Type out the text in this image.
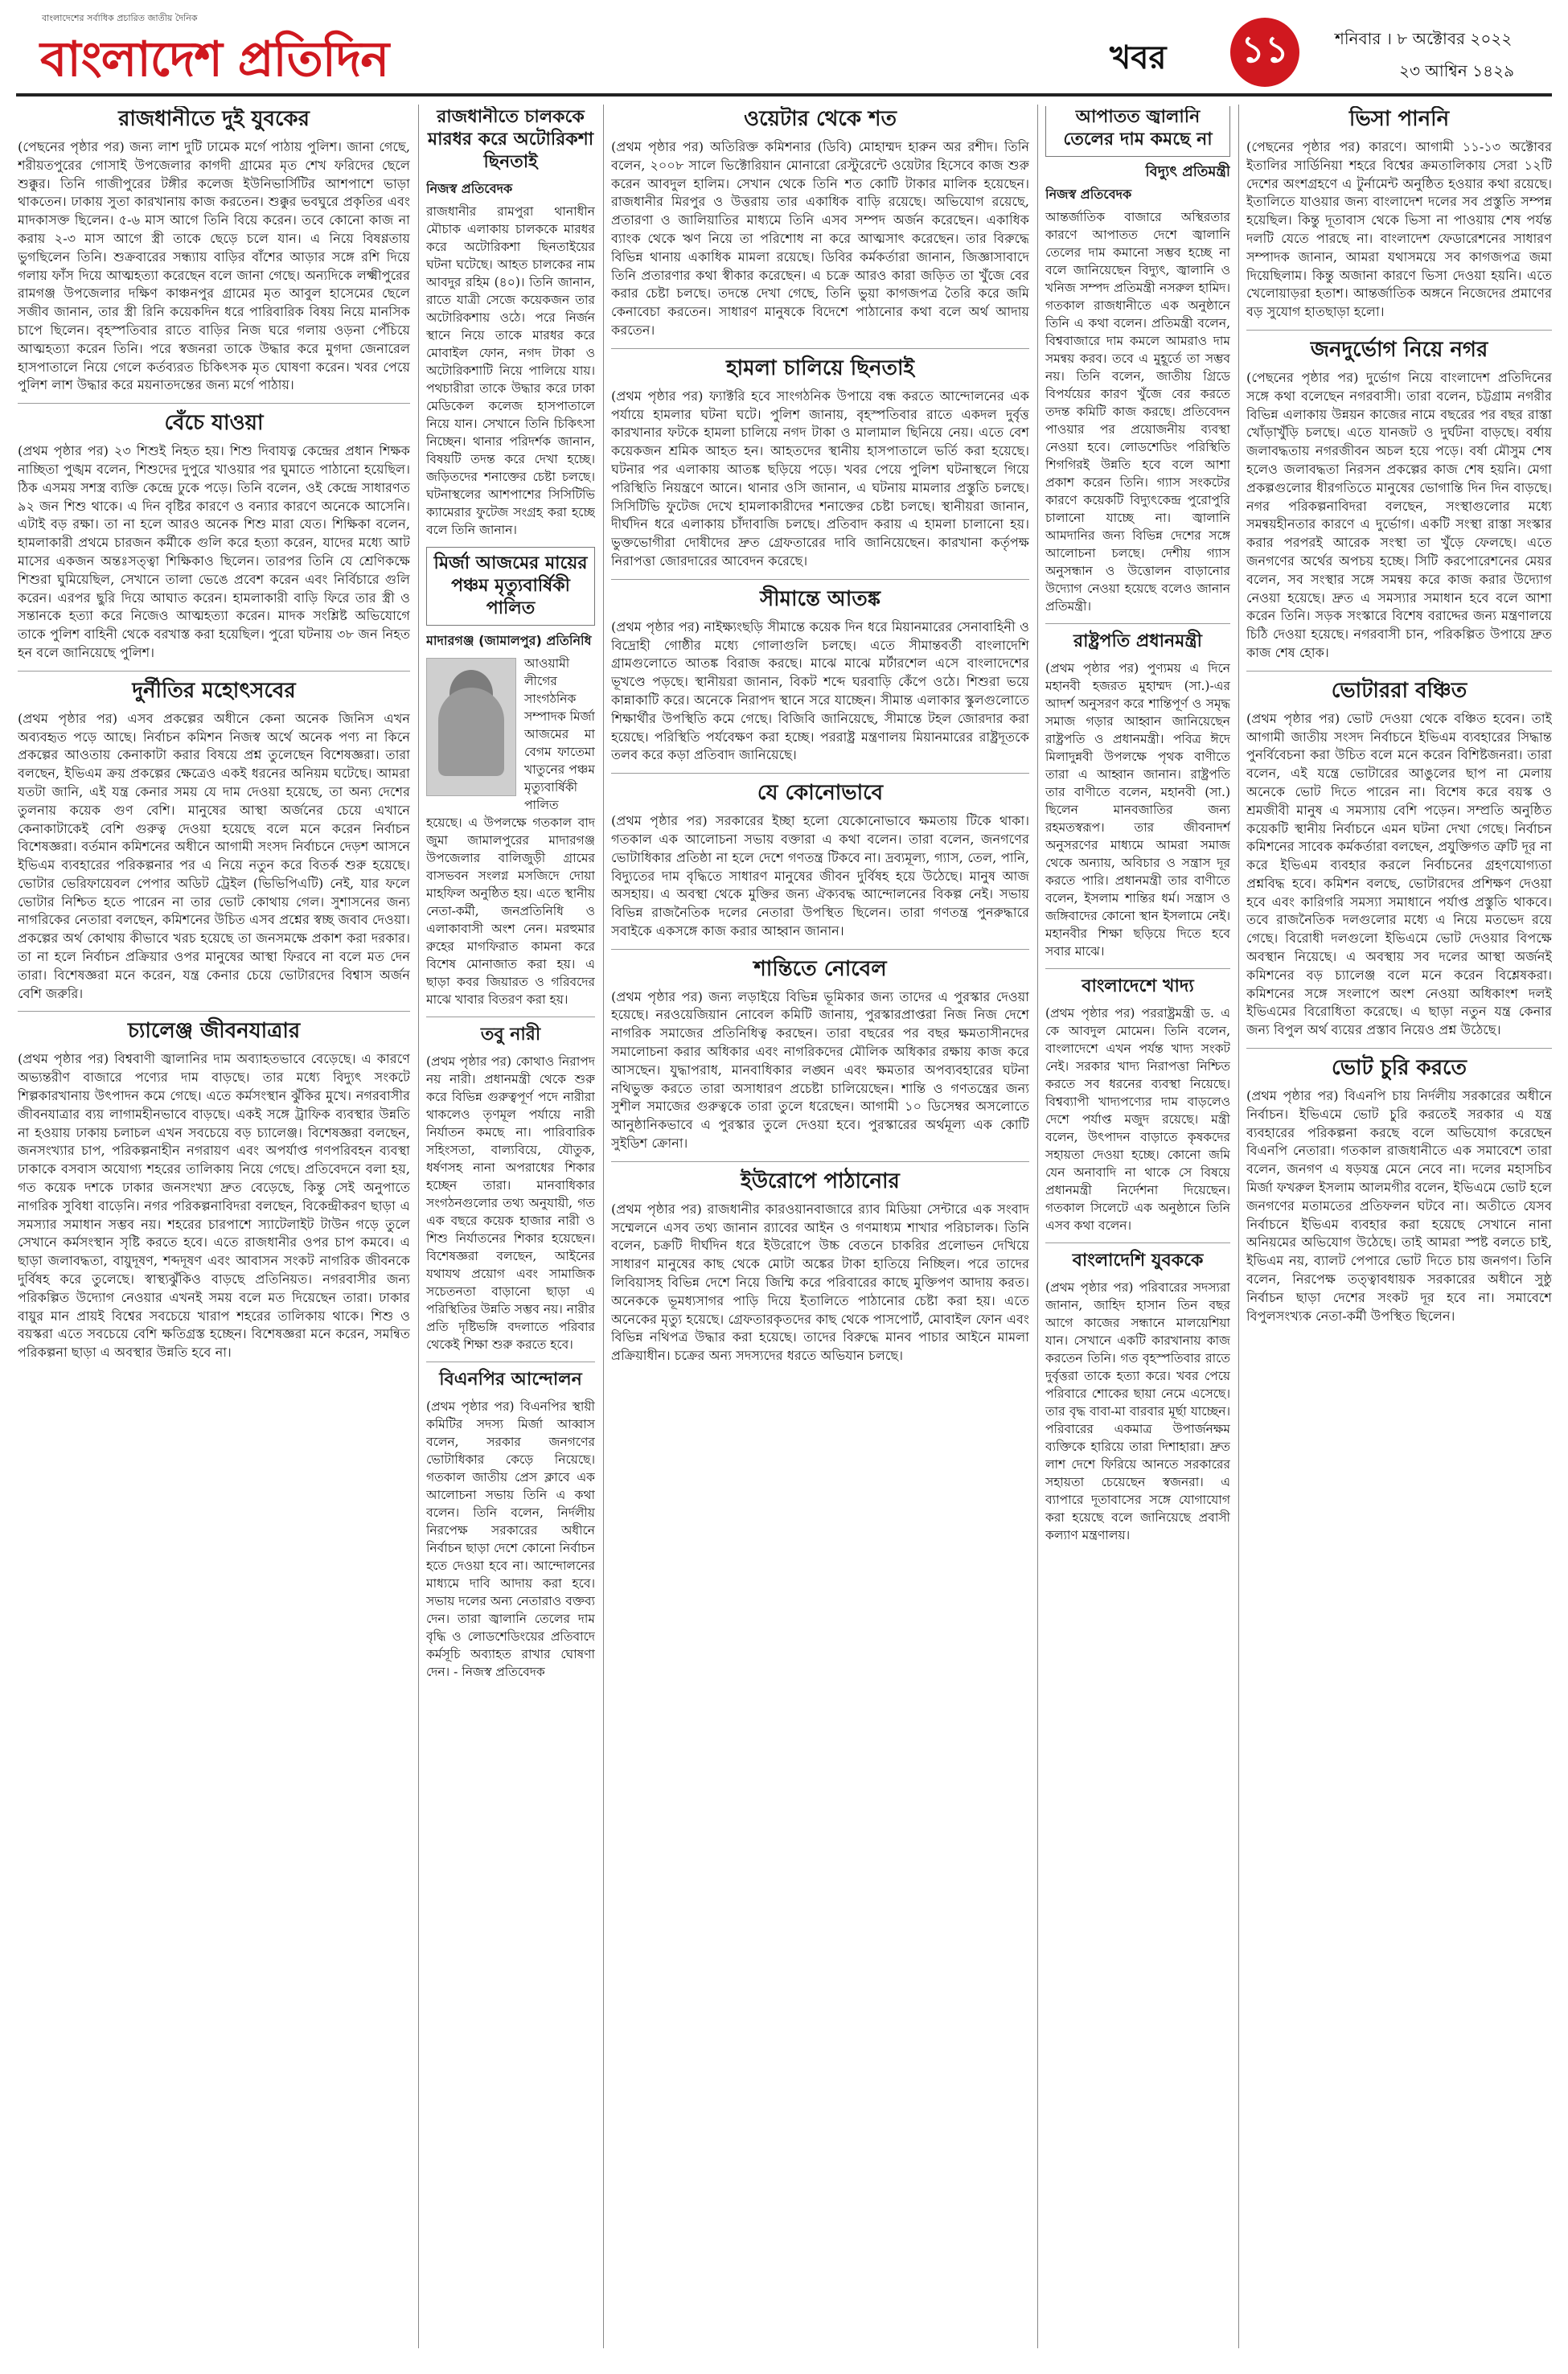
বাংলাদেশের সর্বাধিক প্রচারিত জাতীয় দৈনিক
বাংলাদেশ প্রতিদিন	খবর ১১	শনিবার । ৮ অক্টোবর ২০২২
২৩ আশ্বিন ১৪২৯
রাজধানীতে দুই যুবকের

(পেছনের পৃষ্ঠার পর) জন্য লাশ দুটি ঢামেক মর্গে পাঠায় পুলিশ। জানা গেছে, শরীয়তপুরের গোসাই উপজেলার কাগদী গ্রামের মৃত শেখ ফরিদের ছেলে শুক্কুর। তিনি গাজীপুরের টঙ্গীর কলেজ ইউনিভার্সিটির আশপাশে ভাড়া থাকতেন। ঢাকায় সুতা কারখানায় কাজ করতেন। শুক্কুর ভবঘুরে প্রকৃতির এবং মাদকাসক্ত ছিলেন। ৫-৬ মাস আগে তিনি বিয়ে করেন। তবে কোনো কাজ না করায় ২-৩ মাস আগে স্ত্রী তাকে ছেড়ে চলে যান। এ নিয়ে বিষণ্ণতায় ভুগছিলেন তিনি। শুক্রবারের সন্ধ্যায় বাড়ির বাঁশের আড়ার সঙ্গে রশি দিয়ে গলায় ফাঁস দিয়ে আত্মহত্যা করেছেন বলে জানা গেছে। অন্যদিকে লক্ষ্মীপুরের রামগঞ্জ উপজেলার দক্ষিণ কাঞ্চনপুর গ্রামের মৃত আবুল হাসেমের ছেলে সজীব জানান, তার স্ত্রী রিনি কয়েকদিন ধরে পারিবারিক বিষয় নিয়ে মানসিক চাপে ছিলেন। বৃহস্পতিবার রাতে বাড়ির নিজ ঘরে গলায় ওড়না পেঁচিয়ে আত্মহত্যা করেন তিনি। পরে স্বজনরা তাকে উদ্ধার করে মুগদা জেনারেল হাসপাতালে নিয়ে গেলে কর্তব্যরত চিকিৎসক মৃত ঘোষণা করেন। খবর পেয়ে পুলিশ লাশ উদ্ধার করে ময়নাতদন্তের জন্য মর্গে পাঠায়।

বেঁচে যাওয়া

(প্রথম পৃষ্ঠার পর) ২৩ শিশুই নিহত হয়। শিশু দিবাযত্ন কেন্দ্রের প্রধান শিক্ষক নাচ্ছিতা পুঙ্খম বলেন, শিশুদের দুপুরে খাওয়ার পর ঘুমাতে পাঠানো হয়েছিল। ঠিক এসময় সশস্ত্র ব্যক্তি কেন্দ্রে ঢুকে পড়ে। তিনি বলেন, ওই কেন্দ্রে সাধারণত ৯২ জন শিশু থাকে। এ দিন বৃষ্টির কারণে ও বন্যার কারণে অনেকে আসেনি। এটাই বড় রক্ষা। তা না হলে আরও অনেক শিশু মারা যেত। শিক্ষিকা বলেন, হামলাকারী প্রথমে চারজন কর্মীকে গুলি করে হত্যা করেন, যাদের মধ্যে আট মাসের একজন অন্তঃসত্ত্বা শিক্ষিকাও ছিলেন। তারপর তিনি যে শ্রেণিকক্ষে শিশুরা ঘুমিয়েছিল, সেখানে তালা ভেঙে প্রবেশ করেন এবং নির্বিচারে গুলি করেন। এরপর ছুরি দিয়ে আঘাত করেন। হামলাকারী বাড়ি ফিরে তার স্ত্রী ও সন্তানকে হত্যা করে নিজেও আত্মহত্যা করেন। মাদক সংশ্লিষ্ট অভিযোগে তাকে পুলিশ বাহিনী থেকে বরখাস্ত করা হয়েছিল। পুরো ঘটনায় ৩৮ জন নিহত হন বলে জানিয়েছে পুলিশ।

দুর্নীতির মহোৎসবের

(প্রথম পৃষ্ঠার পর) এসব প্রকল্পের অধীনে কেনা অনেক জিনিস এখন অব্যবহৃত পড়ে আছে। নির্বাচন কমিশন নিজস্ব অর্থে অনেক পণ্য না কিনে প্রকল্পের আওতায় কেনাকাটা করার বিষয়ে প্রশ্ন তুলেছেন বিশেষজ্ঞরা। তারা বলছেন, ইভিএম ক্রয় প্রকল্পের ক্ষেত্রেও একই ধরনের অনিয়ম ঘটেছে। আমরা যতটা জানি, এই যন্ত্র কেনার সময় যে দাম দেওয়া হয়েছে, তা অন্য দেশের তুলনায় কয়েক গুণ বেশি। মানুষের আস্থা অর্জনের চেয়ে এখানে কেনাকাটাকেই বেশি গুরুত্ব দেওয়া হয়েছে বলে মনে করেন নির্বাচন বিশেষজ্ঞরা। বর্তমান কমিশনের অধীনে আগামী সংসদ নির্বাচনে দেড়শ আসনে ইভিএম ব্যবহারের পরিকল্পনার পর এ নিয়ে নতুন করে বিতর্ক শুরু হয়েছে। ভোটার ভেরিফায়েবল পেপার অডিট ট্রেইল (ভিভিপিএটি) নেই, যার ফলে ভোটার নিশ্চিত হতে পারেন না তার ভোট কোথায় গেল। সুশাসনের জন্য নাগরিকের নেতারা বলছেন, কমিশনের উচিত এসব প্রশ্নের স্বচ্ছ জবাব দেওয়া। প্রকল্পের অর্থ কোথায় কীভাবে খরচ হয়েছে তা জনসমক্ষে প্রকাশ করা দরকার। তা না হলে নির্বাচন প্রক্রিয়ার ওপর মানুষের আস্থা ফিরবে না বলে মত দেন তারা। বিশেষজ্ঞরা মনে করেন, যন্ত্র কেনার চেয়ে ভোটারদের বিশ্বাস অর্জন বেশি জরুরি।

চ্যালেঞ্জ জীবনযাত্রার

(প্রথম পৃষ্ঠার পর) বিশ্ববাণী জ্বালানির দাম অব্যাহতভাবে বেড়েছে। এ কারণে অভ্যন্তরীণ বাজারে পণ্যের দাম বাড়ছে। তার মধ্যে বিদ্যুৎ সংকটে শিল্পকারখানায় উৎপাদন কমে গেছে। এতে কর্মসংস্থান ঝুঁকির মুখে। নগরবাসীর জীবনযাত্রার ব্যয় লাগামহীনভাবে বাড়ছে। একই সঙ্গে ট্রাফিক ব্যবস্থার উন্নতি না হওয়ায় ঢাকায় চলাচল এখন সবচেয়ে বড় চ্যালেঞ্জ। বিশেষজ্ঞরা বলছেন, জনসংখ্যার চাপ, পরিকল্পনাহীন নগরায়ণ এবং অপর্যাপ্ত গণপরিবহন ব্যবস্থা ঢাকাকে বসবাস অযোগ্য শহরের তালিকায় নিয়ে গেছে। প্রতিবেদনে বলা হয়, গত কয়েক দশকে ঢাকার জনসংখ্যা দ্রুত বেড়েছে, কিন্তু সেই অনুপাতে নাগরিক সুবিধা বাড়েনি। নগর পরিকল্পনাবিদরা বলছেন, বিকেন্দ্রীকরণ ছাড়া এ সমস্যার সমাধান সম্ভব নয়। শহরের চারপাশে স্যাটেলাইট টাউন গড়ে তুলে সেখানে কর্মসংস্থান সৃষ্টি করতে হবে। এতে রাজধানীর ওপর চাপ কমবে। এ ছাড়া জলাবদ্ধতা, বায়ুদূষণ, শব্দদূষণ এবং আবাসন সংকট নাগরিক জীবনকে দুর্বিষহ করে তুলেছে। স্বাস্থ্যঝুঁকিও বাড়ছে প্রতিনিয়ত। নগরবাসীর জন্য পরিকল্পিত উদ্যোগ নেওয়ার এখনই সময় বলে মত দিয়েছেন তারা। ঢাকার বায়ুর মান প্রায়ই বিশ্বের সবচেয়ে খারাপ শহরের তালিকায় থাকে। শিশু ও বয়স্করা এতে সবচেয়ে বেশি ক্ষতিগ্রস্ত হচ্ছেন। বিশেষজ্ঞরা মনে করেন, সমন্বিত পরিকল্পনা ছাড়া এ অবস্থার উন্নতি হবে না।

রাজধানীতে চালককে মারধর করে অটোরিকশা ছিনতাই
নিজস্ব প্রতিবেদক

রাজধানীর রামপুরা থানাধীন মৌচাক এলাকায় চালককে মারধর করে অটোরিকশা ছিনতাইয়ের ঘটনা ঘটেছে। আহত চালকের নাম আবদুর রহিম (৪০)। তিনি জানান, রাতে যাত্রী সেজে কয়েকজন তার অটোরিকশায় ওঠে। পরে নির্জন স্থানে নিয়ে তাকে মারধর করে মোবাইল ফোন, নগদ টাকা ও অটোরিকশাটি নিয়ে পালিয়ে যায়। পথচারীরা তাকে উদ্ধার করে ঢাকা মেডিকেল কলেজ হাসপাতালে নিয়ে যান। সেখানে তিনি চিকিৎসা নিচ্ছেন। থানার পরিদর্শক জানান, বিষয়টি তদন্ত করে দেখা হচ্ছে। জড়িতদের শনাক্তের চেষ্টা চলছে। ঘটনাস্থলের আশপাশের সিসিটিভি ক্যামেরার ফুটেজ সংগ্রহ করা হচ্ছে বলে তিনি জানান।

মির্জা আজমের মায়ের পঞ্চম মৃত্যুবার্ষিকী পালিত
মাদারগঞ্জ (জামালপুর) প্রতিনিধি

আওয়ামী লীগের সাংগঠনিক সম্পাদক মির্জা আজমের মা বেগম ফাতেমা খাতুনের পঞ্চম মৃত্যুবার্ষিকী পালিত হয়েছে। এ উপলক্ষে গতকাল বাদ জুমা জামালপুরের মাদারগঞ্জ উপজেলার বালিজুড়ী গ্রামের বাসভবন সংলগ্ন মসজিদে দোয়া মাহফিল অনুষ্ঠিত হয়। এতে স্থানীয় নেতা-কর্মী, জনপ্রতিনিধি ও এলাকাবাসী অংশ নেন। মরহুমার রুহের মাগফিরাত কামনা করে বিশেষ মোনাজাত করা হয়। এ ছাড়া কবর জিয়ারত ও গরিবদের মাঝে খাবার বিতরণ করা হয়।

তবু নারী

(প্রথম পৃষ্ঠার পর) কোথাও নিরাপদ নয় নারী। প্রধানমন্ত্রী থেকে শুরু করে বিভিন্ন গুরুত্বপূর্ণ পদে নারীরা থাকলেও তৃণমূল পর্যায়ে নারী নির্যাতন কমছে না। পারিবারিক সহিংসতা, বাল্যবিয়ে, যৌতুক, ধর্ষণসহ নানা অপরাধের শিকার হচ্ছেন তারা। মানবাধিকার সংগঠনগুলোর তথ্য অনুযায়ী, গত এক বছরে কয়েক হাজার নারী ও শিশু নির্যাতনের শিকার হয়েছেন। বিশেষজ্ঞরা বলছেন, আইনের যথাযথ প্রয়োগ এবং সামাজিক সচেতনতা বাড়ানো ছাড়া এ পরিস্থিতির উন্নতি সম্ভব নয়। নারীর প্রতি দৃষ্টিভঙ্গি বদলাতে পরিবার থেকেই শিক্ষা শুরু করতে হবে।

বিএনপির আন্দোলন

(প্রথম পৃষ্ঠার পর) বিএনপির স্থায়ী কমিটির সদস্য মির্জা আব্বাস বলেন, সরকার জনগণের ভোটাধিকার কেড়ে নিয়েছে। গতকাল জাতীয় প্রেস ক্লাবে এক আলোচনা সভায় তিনি এ কথা বলেন। তিনি বলেন, নির্দলীয় নিরপেক্ষ সরকারের অধীনে নির্বাচন ছাড়া দেশে কোনো নির্বাচন হতে দেওয়া হবে না। আন্দোলনের মাধ্যমে দাবি আদায় করা হবে। সভায় দলের অন্য নেতারাও বক্তব্য দেন। তারা জ্বালানি তেলের দাম বৃদ্ধি ও লোডশেডিংয়ের প্রতিবাদে কর্মসূচি অব্যাহত রাখার ঘোষণা দেন। - নিজস্ব প্রতিবেদক

ওয়েটার থেকে শত

(প্রথম পৃষ্ঠার পর) অতিরিক্ত কমিশনার (ডিবি) মোহাম্মদ হারুন অর রশীদ। তিনি বলেন, ২০০৮ সালে ভিক্টোরিয়ান মোনারো রেস্টুরেন্টে ওয়েটার হিসেবে কাজ শুরু করেন আবদুল হালিম। সেখান থেকে তিনি শত কোটি টাকার মালিক হয়েছেন। রাজধানীর মিরপুর ও উত্তরায় তার একাধিক বাড়ি রয়েছে। অভিযোগ রয়েছে, প্রতারণা ও জালিয়াতির মাধ্যমে তিনি এসব সম্পদ অর্জন করেছেন। একাধিক ব্যাংক থেকে ঋণ নিয়ে তা পরিশোধ না করে আত্মসাৎ করেছেন। তার বিরুদ্ধে বিভিন্ন থানায় একাধিক মামলা রয়েছে। ডিবির কর্মকর্তারা জানান, জিজ্ঞাসাবাদে তিনি প্রতারণার কথা স্বীকার করেছেন। এ চক্রে আরও কারা জড়িত তা খুঁজে বের করার চেষ্টা চলছে। তদন্তে দেখা গেছে, তিনি ভুয়া কাগজপত্র তৈরি করে জমি কেনাবেচা করতেন। সাধারণ মানুষকে বিদেশে পাঠানোর কথা বলে অর্থ আদায় করতেন।

হামলা চালিয়ে ছিনতাই

(প্রথম পৃষ্ঠার পর) ফ্যাক্টরি হবে সাংগঠনিক উপায়ে বন্ধ করতে আন্দোলনের এক পর্যায়ে হামলার ঘটনা ঘটে। পুলিশ জানায়, বৃহস্পতিবার রাতে একদল দুর্বৃত্ত কারখানার ফটকে হামলা চালিয়ে নগদ টাকা ও মালামাল ছিনিয়ে নেয়। এতে বেশ কয়েকজন শ্রমিক আহত হন। আহতদের স্থানীয় হাসপাতালে ভর্তি করা হয়েছে। ঘটনার পর এলাকায় আতঙ্ক ছড়িয়ে পড়ে। খবর পেয়ে পুলিশ ঘটনাস্থলে গিয়ে পরিস্থিতি নিয়ন্ত্রণে আনে। থানার ওসি জানান, এ ঘটনায় মামলার প্রস্তুতি চলছে। সিসিটিভি ফুটেজ দেখে হামলাকারীদের শনাক্তের চেষ্টা চলছে। স্থানীয়রা জানান, দীর্ঘদিন ধরে এলাকায় চাঁদাবাজি চলছে। প্রতিবাদ করায় এ হামলা চালানো হয়। ভুক্তভোগীরা দোষীদের দ্রুত গ্রেফতারের দাবি জানিয়েছেন। কারখানা কর্তৃপক্ষ নিরাপত্তা জোরদারের আবেদন করেছে।

সীমান্তে আতঙ্ক

(প্রথম পৃষ্ঠার পর) নাইক্ষ্যংছড়ি সীমান্তে কয়েক দিন ধরে মিয়ানমারের সেনাবাহিনী ও বিদ্রোহী গোষ্ঠীর মধ্যে গোলাগুলি চলছে। এতে সীমান্তবর্তী বাংলাদেশি গ্রামগুলোতে আতঙ্ক বিরাজ করছে। মাঝে মাঝে মর্টারশেল এসে বাংলাদেশের ভূখণ্ডে পড়ছে। স্থানীয়রা জানান, বিকট শব্দে ঘরবাড়ি কেঁপে ওঠে। শিশুরা ভয়ে কান্নাকাটি করে। অনেকে নিরাপদ স্থানে সরে যাচ্ছেন। সীমান্ত এলাকার স্কুলগুলোতে শিক্ষার্থীর উপস্থিতি কমে গেছে। বিজিবি জানিয়েছে, সীমান্তে টহল জোরদার করা হয়েছে। পরিস্থিতি পর্যবেক্ষণ করা হচ্ছে। পররাষ্ট্র মন্ত্রণালয় মিয়ানমারের রাষ্ট্রদূতকে তলব করে কড়া প্রতিবাদ জানিয়েছে।

যে কোনোভাবে

(প্রথম পৃষ্ঠার পর) সরকারের ইচ্ছা হলো যেকোনোভাবে ক্ষমতায় টিকে থাকা। গতকাল এক আলোচনা সভায় বক্তারা এ কথা বলেন। তারা বলেন, জনগণের ভোটাধিকার প্রতিষ্ঠা না হলে দেশে গণতন্ত্র টিকবে না। দ্রব্যমূল্য, গ্যাস, তেল, পানি, বিদ্যুতের দাম বৃদ্ধিতে সাধারণ মানুষের জীবন দুর্বিষহ হয়ে উঠেছে। মানুষ আজ অসহায়। এ অবস্থা থেকে মুক্তির জন্য ঐক্যবদ্ধ আন্দোলনের বিকল্প নেই। সভায় বিভিন্ন রাজনৈতিক দলের নেতারা উপস্থিত ছিলেন। তারা গণতন্ত্র পুনরুদ্ধারে সবাইকে একসঙ্গে কাজ করার আহ্বান জানান।

শান্তিতে নোবেল

(প্রথম পৃষ্ঠার পর) জন্য লড়াইয়ে বিভিন্ন ভূমিকার জন্য তাদের এ পুরস্কার দেওয়া হয়েছে। নরওয়েজিয়ান নোবেল কমিটি জানায়, পুরস্কারপ্রাপ্তরা নিজ নিজ দেশে নাগরিক সমাজের প্রতিনিধিত্ব করছেন। তারা বছরের পর বছর ক্ষমতাসীনদের সমালোচনা করার অধিকার এবং নাগরিকদের মৌলিক অধিকার রক্ষায় কাজ করে আসছেন। যুদ্ধাপরাধ, মানবাধিকার লঙ্ঘন এবং ক্ষমতার অপব্যবহারের ঘটনা নথিভুক্ত করতে তারা অসাধারণ প্রচেষ্টা চালিয়েছেন। শান্তি ও গণতন্ত্রের জন্য সুশীল সমাজের গুরুত্বকে তারা তুলে ধরেছেন। আগামী ১০ ডিসেম্বর অসলোতে আনুষ্ঠানিকভাবে এ পুরস্কার তুলে দেওয়া হবে। পুরস্কারের অর্থমূল্য এক কোটি সুইডিশ ক্রোনা।

ইউরোপে পাঠানোর

(প্রথম পৃষ্ঠার পর) রাজধানীর কারওয়ানবাজারে র‍্যাব মিডিয়া সেন্টারে এক সংবাদ সম্মেলনে এসব তথ্য জানান র‍্যাবের আইন ও গণমাধ্যম শাখার পরিচালক। তিনি বলেন, চক্রটি দীর্ঘদিন ধরে ইউরোপে উচ্চ বেতনে চাকরির প্রলোভন দেখিয়ে সাধারণ মানুষের কাছ থেকে মোটা অঙ্কের টাকা হাতিয়ে নিচ্ছিল। পরে তাদের লিবিয়াসহ বিভিন্ন দেশে নিয়ে জিম্মি করে পরিবারের কাছে মুক্তিপণ আদায় করত। অনেককে ভূমধ্যসাগর পাড়ি দিয়ে ইতালিতে পাঠানোর চেষ্টা করা হয়। এতে অনেকের মৃত্যু হয়েছে। গ্রেফতারকৃতদের কাছ থেকে পাসপোর্ট, মোবাইল ফোন এবং বিভিন্ন নথিপত্র উদ্ধার করা হয়েছে। তাদের বিরুদ্ধে মানব পাচার আইনে মামলা প্রক্রিয়াধীন। চক্রের অন্য সদস্যদের ধরতে অভিযান চলছে।

আপাতত জ্বালানি তেলের দাম কমছে না
বিদ্যুৎ প্রতিমন্ত্রী
নিজস্ব প্রতিবেদক

আন্তর্জাতিক বাজারে অস্থিরতার কারণে আপাতত দেশে জ্বালানি তেলের দাম কমানো সম্ভব হচ্ছে না বলে জানিয়েছেন বিদ্যুৎ, জ্বালানি ও খনিজ সম্পদ প্রতিমন্ত্রী নসরুল হামিদ। গতকাল রাজধানীতে এক অনুষ্ঠানে তিনি এ কথা বলেন। প্রতিমন্ত্রী বলেন, বিশ্ববাজারে দাম কমলে আমরাও দাম সমন্বয় করব। তবে এ মুহূর্তে তা সম্ভব নয়। তিনি বলেন, জাতীয় গ্রিডে বিপর্যয়ের কারণ খুঁজে বের করতে তদন্ত কমিটি কাজ করছে। প্রতিবেদন পাওয়ার পর প্রয়োজনীয় ব্যবস্থা নেওয়া হবে। লোডশেডিং পরিস্থিতি শিগগিরই উন্নতি হবে বলে আশা প্রকাশ করেন তিনি। গ্যাস সংকটের কারণে কয়েকটি বিদ্যুৎকেন্দ্র পুরোপুরি চালানো যাচ্ছে না। জ্বালানি আমদানির জন্য বিভিন্ন দেশের সঙ্গে আলোচনা চলছে। দেশীয় গ্যাস অনুসন্ধান ও উত্তোলন বাড়ানোর উদ্যোগ নেওয়া হয়েছে বলেও জানান প্রতিমন্ত্রী।

রাষ্ট্রপতি প্রধানমন্ত্রী

(প্রথম পৃষ্ঠার পর) পুণ্যময় এ দিনে মহানবী হজরত মুহাম্মদ (সা.)-এর আদর্শ অনুসরণ করে শান্তিপূর্ণ ও সমৃদ্ধ সমাজ গড়ার আহ্বান জানিয়েছেন রাষ্ট্রপতি ও প্রধানমন্ত্রী। পবিত্র ঈদে মিলাদুন্নবী উপলক্ষে পৃথক বাণীতে তারা এ আহ্বান জানান। রাষ্ট্রপতি তার বাণীতে বলেন, মহানবী (সা.) ছিলেন মানবজাতির জন্য রহমতস্বরূপ। তার জীবনাদর্শ অনুসরণের মাধ্যমে আমরা সমাজ থেকে অন্যায়, অবিচার ও সন্ত্রাস দূর করতে পারি। প্রধানমন্ত্রী তার বাণীতে বলেন, ইসলাম শান্তির ধর্ম। সন্ত্রাস ও জঙ্গিবাদের কোনো স্থান ইসলামে নেই। মহানবীর শিক্ষা ছড়িয়ে দিতে হবে সবার মাঝে।

বাংলাদেশে খাদ্য

(প্রথম পৃষ্ঠার পর) পররাষ্ট্রমন্ত্রী ড. এ কে আবদুল মোমেন। তিনি বলেন, বাংলাদেশে এখন পর্যন্ত খাদ্য সংকট নেই। সরকার খাদ্য নিরাপত্তা নিশ্চিত করতে সব ধরনের ব্যবস্থা নিয়েছে। বিশ্বব্যাপী খাদ্যপণ্যের দাম বাড়লেও দেশে পর্যাপ্ত মজুদ রয়েছে। মন্ত্রী বলেন, উৎপাদন বাড়াতে কৃষকদের সহায়তা দেওয়া হচ্ছে। কোনো জমি যেন অনাবাদি না থাকে সে বিষয়ে প্রধানমন্ত্রী নির্দেশনা দিয়েছেন। গতকাল সিলেটে এক অনুষ্ঠানে তিনি এসব কথা বলেন।

বাংলাদেশি যুবককে

(প্রথম পৃষ্ঠার পর) পরিবারের সদস্যরা জানান, জাহিদ হাসান তিন বছর আগে কাজের সন্ধানে মালয়েশিয়া যান। সেখানে একটি কারখানায় কাজ করতেন তিনি। গত বৃহস্পতিবার রাতে দুর্বৃত্তরা তাকে হত্যা করে। খবর পেয়ে পরিবারে শোকের ছায়া নেমে এসেছে। তার বৃদ্ধ বাবা-মা বারবার মূর্ছা যাচ্ছেন। পরিবারের একমাত্র উপার্জনক্ষম ব্যক্তিকে হারিয়ে তারা দিশাহারা। দ্রুত লাশ দেশে ফিরিয়ে আনতে সরকারের সহায়তা চেয়েছেন স্বজনরা। এ ব্যাপারে দূতাবাসের সঙ্গে যোগাযোগ করা হয়েছে বলে জানিয়েছে প্রবাসী কল্যাণ মন্ত্রণালয়।

ভিসা পাননি

(পেছনের পৃষ্ঠার পর) কারণে। আগামী ১১-১৩ অক্টোবর ইতালির সার্ডিনিয়া শহরে বিশ্বের ক্রমতালিকায় সেরা ১২টি দেশের অংশগ্রহণে এ টুর্নামেন্ট অনুষ্ঠিত হওয়ার কথা রয়েছে। ইতালিতে যাওয়ার জন্য বাংলাদেশ দলের সব প্রস্তুতি সম্পন্ন হয়েছিল। কিন্তু দূতাবাস থেকে ভিসা না পাওয়ায় শেষ পর্যন্ত দলটি যেতে পারছে না। বাংলাদেশ ফেডারেশনের সাধারণ সম্পাদক জানান, আমরা যথাসময়ে সব কাগজপত্র জমা দিয়েছিলাম। কিন্তু অজানা কারণে ভিসা দেওয়া হয়নি। এতে খেলোয়াড়রা হতাশ। আন্তর্জাতিক অঙ্গনে নিজেদের প্রমাণের বড় সুযোগ হাতছাড়া হলো।

জনদুর্ভোগ নিয়ে নগর

(পেছনের পৃষ্ঠার পর) দুর্ভোগ নিয়ে বাংলাদেশ প্রতিদিনের সঙ্গে কথা বলেছেন নগরবাসী। তারা বলেন, চট্টগ্রাম নগরীর বিভিন্ন এলাকায় উন্নয়ন কাজের নামে বছরের পর বছর রাস্তা খোঁড়াখুঁড়ি চলছে। এতে যানজট ও দুর্ঘটনা বাড়ছে। বর্ষায় জলাবদ্ধতায় নগরজীবন অচল হয়ে পড়ে। বর্ষা মৌসুম শেষ হলেও জলাবদ্ধতা নিরসন প্রকল্পের কাজ শেষ হয়নি। মেগা প্রকল্পগুলোর ধীরগতিতে মানুষের ভোগান্তি দিন দিন বাড়ছে। নগর পরিকল্পনাবিদরা বলছেন, সংস্থাগুলোর মধ্যে সমন্বয়হীনতার কারণে এ দুর্ভোগ। একটি সংস্থা রাস্তা সংস্কার করার পরপরই আরেক সংস্থা তা খুঁড়ে ফেলছে। এতে জনগণের অর্থের অপচয় হচ্ছে। সিটি করপোরেশনের মেয়র বলেন, সব সংস্থার সঙ্গে সমন্বয় করে কাজ করার উদ্যোগ নেওয়া হয়েছে। দ্রুত এ সমস্যার সমাধান হবে বলে আশা করেন তিনি। সড়ক সংস্কারে বিশেষ বরাদ্দের জন্য মন্ত্রণালয়ে চিঠি দেওয়া হয়েছে। নগরবাসী চান, পরিকল্পিত উপায়ে দ্রুত কাজ শেষ হোক।

ভোটাররা বঞ্চিত

(প্রথম পৃষ্ঠার পর) ভোট দেওয়া থেকে বঞ্চিত হবেন। তাই আগামী জাতীয় সংসদ নির্বাচনে ইভিএম ব্যবহারের সিদ্ধান্ত পুনর্বিবেচনা করা উচিত বলে মনে করেন বিশিষ্টজনরা। তারা বলেন, এই যন্ত্রে ভোটারের আঙুলের ছাপ না মেলায় অনেকে ভোট দিতে পারেন না। বিশেষ করে বয়স্ক ও শ্রমজীবী মানুষ এ সমস্যায় বেশি পড়েন। সম্প্রতি অনুষ্ঠিত কয়েকটি স্থানীয় নির্বাচনে এমন ঘটনা দেখা গেছে। নির্বাচন কমিশনের সাবেক কর্মকর্তারা বলছেন, প্রযুক্তিগত ত্রুটি দূর না করে ইভিএম ব্যবহার করলে নির্বাচনের গ্রহণযোগ্যতা প্রশ্নবিদ্ধ হবে। কমিশন বলছে, ভোটারদের প্রশিক্ষণ দেওয়া হবে এবং কারিগরি সমস্যা সমাধানে পর্যাপ্ত প্রস্তুতি থাকবে। তবে রাজনৈতিক দলগুলোর মধ্যে এ নিয়ে মতভেদ রয়ে গেছে। বিরোধী দলগুলো ইভিএমে ভোট দেওয়ার বিপক্ষে অবস্থান নিয়েছে। এ অবস্থায় সব দলের আস্থা অর্জনই কমিশনের বড় চ্যালেঞ্জ বলে মনে করেন বিশ্লেষকরা। কমিশনের সঙ্গে সংলাপে অংশ নেওয়া অধিকাংশ দলই ইভিএমের বিরোধিতা করেছে। এ ছাড়া নতুন যন্ত্র কেনার জন্য বিপুল অর্থ ব্যয়ের প্রস্তাব নিয়েও প্রশ্ন উঠেছে।

ভোট চুরি করতে

(প্রথম পৃষ্ঠার পর) বিএনপি চায় নির্দলীয় সরকারের অধীনে নির্বাচন। ইভিএমে ভোট চুরি করতেই সরকার এ যন্ত্র ব্যবহারের পরিকল্পনা করছে বলে অভিযোগ করেছেন বিএনপি নেতারা। গতকাল রাজধানীতে এক সমাবেশে তারা বলেন, জনগণ এ ষড়যন্ত্র মেনে নেবে না। দলের মহাসচিব মির্জা ফখরুল ইসলাম আলমগীর বলেন, ইভিএমে ভোট হলে জনগণের মতামতের প্রতিফলন ঘটবে না। অতীতে যেসব নির্বাচনে ইভিএম ব্যবহার করা হয়েছে সেখানে নানা অনিয়মের অভিযোগ উঠেছে। তাই আমরা স্পষ্ট বলতে চাই, ইভিএম নয়, ব্যালট পেপারে ভোট দিতে চায় জনগণ। তিনি বলেন, নিরপেক্ষ তত্ত্বাবধায়ক সরকারের অধীনে সুষ্ঠু নির্বাচন ছাড়া দেশের সংকট দূর হবে না। সমাবেশে বিপুলসংখ্যক নেতা-কর্মী উপস্থিত ছিলেন।
